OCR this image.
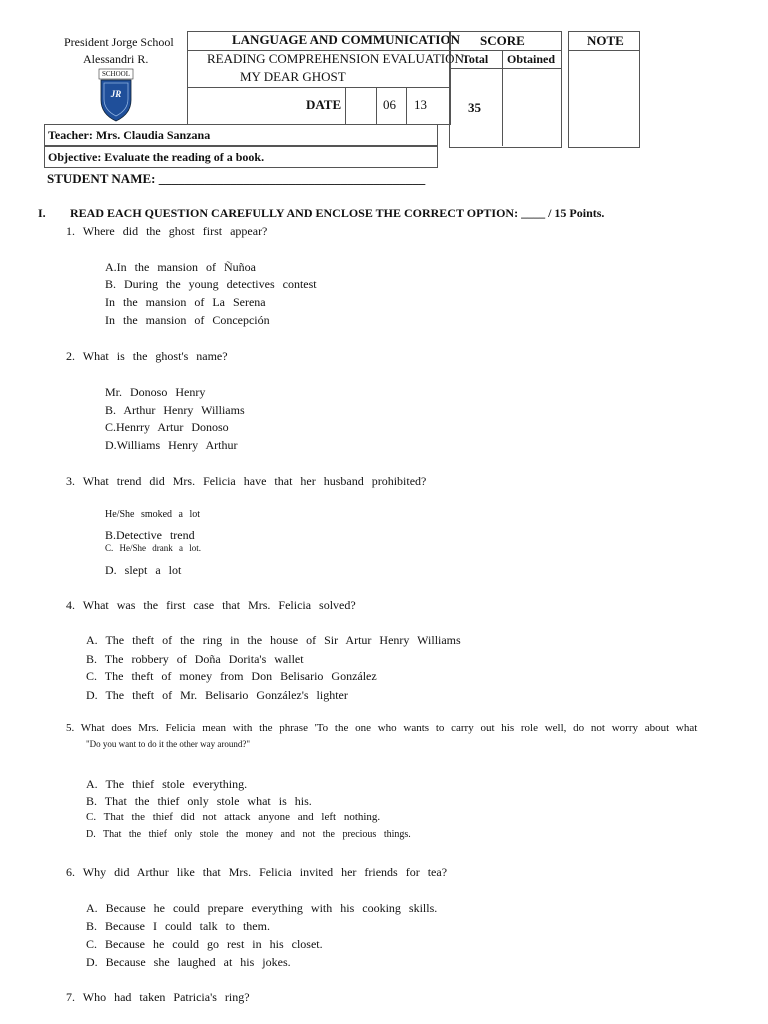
President Jorge School
Alessandri R.
SCHOOL
JR
LANGUAGE AND COMMUNICATION
READING COMPREHENSION EVALUATION
MY DEAR GHOST
DATE	06 13
SCORE
Total Obtained
35
NOTE
Teacher: Mrs. Claudia Sanzana
Objective: Evaluate the reading of a book.
STUDENT NAME: _________________________________________
I. READ EACH QUESTION CAREFULLY AND ENCLOSE THE CORRECT OPTION: ____ / 15 Points.
1. Where did the ghost first appear?
A.In the mansion of Ñuñoa
B. During the young detectives contest
In the mansion of La Serena
In the mansion of Concepción
2. What is the ghost's name?
Mr. Donoso Henry
B. Arthur Henry Williams
C.Henrry Artur Donoso
D.Williams Henry Arthur
3. What trend did Mrs. Felicia have that her husband prohibited?
He/She smoked a lot
B.Detective trend
C. He/She drank a lot.
D. slept a lot
4. What was the first case that Mrs. Felicia solved?
A. The theft of the ring in the house of Sir Artur Henry Williams
B. The robbery of Doña Dorita's wallet
C. The theft of money from Don Belisario González
D. The theft of Mr. Belisario González's lighter
5. What does Mrs. Felicia mean with the phrase 'To the one who wants to carry out his role well, do not worry about what
"Do you want to do it the other way around?"
A. The thief stole everything.
B. That the thief only stole what is his.
C. That the thief did not attack anyone and left nothing.
D. That the thief only stole the money and not the precious things.
6. Why did Arthur like that Mrs. Felicia invited her friends for tea?
A. Because he could prepare everything with his cooking skills.
B. Because I could talk to them.
C. Because he could go rest in his closet.
D. Because she laughed at his jokes.
7. Who had taken Patricia's ring?
